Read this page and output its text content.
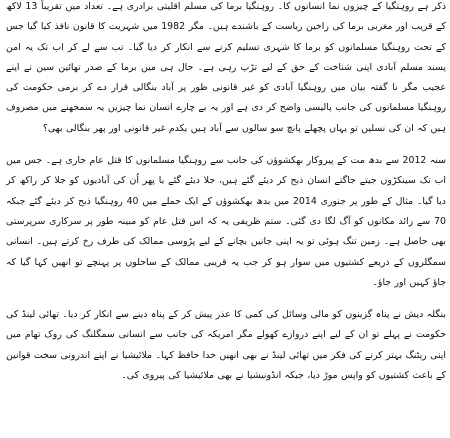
ذکر ہے روہنگیا کے چیزوں نما انسانوں کا۔ روہنگیا برما کی مسلم اقلیتی برادری ہے۔ تعداد میں تقریباً 13 لاکھ کے قریب اور مغربی برما کی راخین ریاست کے باشندے ہیں۔ مگر 1982 میں شہریت کا قانون نافذ کیا گیا جس کے تحت روہنگیا مسلمانوں کو برما کا شہری تسلیم کرنے سے انکار کر دیا گیا۔ تب سے لے کر اب تک یہ امن پسند مسلم آبادی اپنی شناخت کے حق کے لیے تڑپ رہی ہے۔ حال ہی میں برما کے صدر تھائین سین نے اپنے عجیب مگر نا گفتہ بیان میں روہنگیا آبادی کو غیر قانونی طور پر آباد بنگالی قرار دے کر برمی حکومت کی روہنگیا مسلمانوں کی جانب پالیسی واضح کر دی ہے اور یہ بے چارے انسان نما چیزیں یہ سمجھنے میں مصروف ہیں کہ ان کی نسلیں تو یہاں پچھلے پانچ سو سالوں سے آباد ہیں یکدم غیر قانونی اور پھر بنگالی بھی؟

سنہ 2012 سے بدھ مت کے پیروکار بھکشوؤں کی جانب سے روہنگیا مسلمانوں کا قتل عام جاری ہے۔ جس میں اب تک سینکڑوں جیتے جاگتے انسان ذبح کر دیئے گئے ہیں، جلا دیئے گئے یا پھر اُن کی آبادیوں کو جلا کر راکھ کر دیا گیا۔ مثال کے طور پر جنوری 2014 میں بدھ بھکشوؤں کے ایک حملے میں 40 روہنگیا ذبح کر دیئے گئے جبکہ 70 سے زائد مکانوں کو آگ لگا دی گئی۔ ستم ظریفی یہ کہ اس قتل عام کو مبینہ طور پر سرکاری سرپرستی بھی حاصل ہے۔ زمین تنگ ہوئی تو یہ اپنی جانیں بچانے کے لیے پڑوسی ممالک کی طرف رخ کرتے ہیں۔ انسانی سمگلروں کے ذریعے کشتیوں میں سوار ہو کر جب یہ قریبی ممالک کے ساحلوں پر پہنچے تو انھیں کہا گیا کہ جاؤ کہیں اور جاؤ۔

بنگلہ دیش نے پناہ گزینوں کو مالی وسائل کی کمی کا عذر پیش کر کے پناہ دینے سے انکار کر دیا۔ تھائی لینڈ کی حکومت نے پہلے تو ان کے لیے اپنے دروازے کھولے مگر امریکہ کی جانب سے انسانی سمگلنگ کی روک تھام میں اپنی ریٹنگ بہتر کرنے کی فکر میں تھائی لینڈ نے بھی انھیں خدا حافظ کہا۔ ملائیشیا نے اپنے اندرونی سخت قوانین کے باعث کشتیوں کو واپس موڑ دیا، جبکہ انڈونیشیا نے بھی ملائیشیا کی پیروی کی۔
